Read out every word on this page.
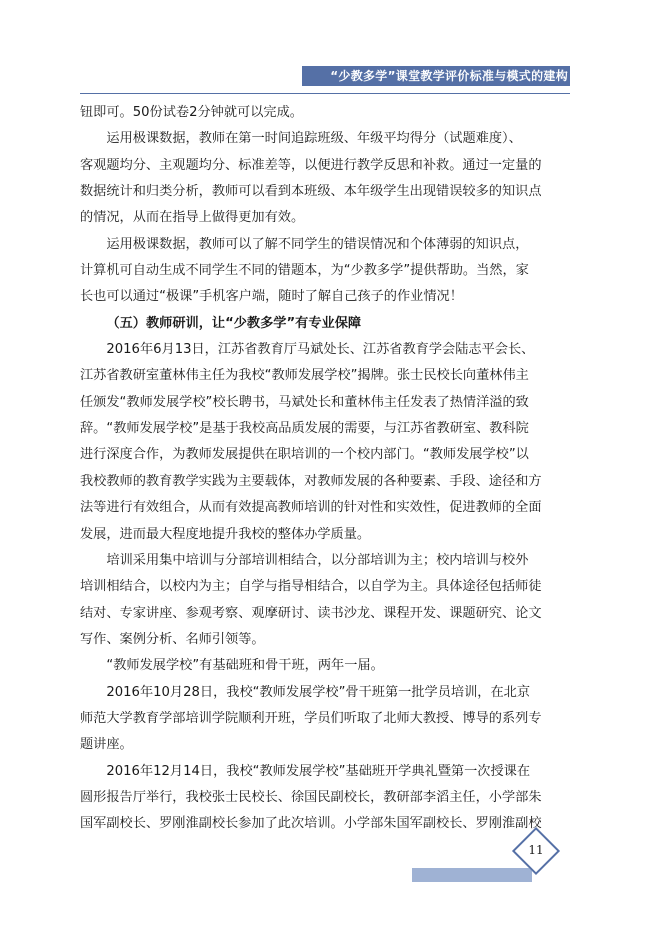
“少教多学”课堂教学评价标准与模式的建构

钮即可。50份试卷2分钟就可以完成。

运用极课数据，教师在第一时间追踪班级、年级平均得分（试题难度）、

客观题均分、主观题均分、标准差等，以便进行教学反思和补救。通过一定量的

数据统计和归类分析，教师可以看到本班级、本年级学生出现错误较多的知识点

的情况，从而在指导上做得更加有效。

运用极课数据，教师可以了解不同学生的错误情况和个体薄弱的知识点，

计算机可自动生成不同学生不同的错题本，为“少教多学”提供帮助。当然，家

长也可以通过“极课”手机客户端，随时了解自己孩子的作业情况！

（五）教师研训，让“少教多学”有专业保障

2016年6月13日，江苏省教育厅马斌处长、江苏省教育学会陆志平会长、

江苏省教研室董林伟主任为我校“教师发展学校”揭牌。张士民校长向董林伟主

任颁发“教师发展学校”校长聘书，马斌处长和董林伟主任发表了热情洋溢的致

辞。“教师发展学校”是基于我校高品质发展的需要，与江苏省教研室、教科院

进行深度合作，为教师发展提供在职培训的一个校内部门。“教师发展学校”以

我校教师的教育教学实践为主要载体，对教师发展的各种要素、手段、途径和方

法等进行有效组合，从而有效提高教师培训的针对性和实效性，促进教师的全面

发展，进而最大程度地提升我校的整体办学质量。

培训采用集中培训与分部培训相结合，以分部培训为主；校内培训与校外

培训相结合，以校内为主；自学与指导相结合，以自学为主。具体途径包括师徒

结对、专家讲座、参观考察、观摩研讨、读书沙龙、课程开发、课题研究、论文

写作、案例分析、名师引领等。

“教师发展学校”有基础班和骨干班，两年一届。

2016年10月28日，我校“教师发展学校”骨干班第一批学员培训，在北京

师范大学教育学部培训学院顺利开班，学员们听取了北师大教授、博导的系列专

题讲座。

2016年12月14日，我校“教师发展学校”基础班开学典礼暨第一次授课在

圆形报告厅举行，我校张士民校长、徐国民副校长，教研部李滔主任，小学部朱

国军副校长、罗刚淮副校长参加了此次培训。小学部朱国军副校长、罗刚淮副校

11
